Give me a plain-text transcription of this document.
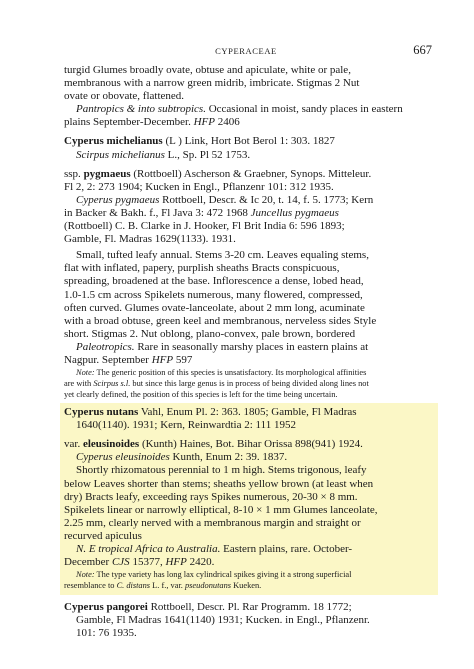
CYPERACEAE	667
turgid Glumes broadly ovate, obtuse and apiculate, white or pale,
membranous with a narrow green midrib, imbricate. Stigmas 2 Nut
ovate or obovate, flattened.
Pantropics & into subtropics. Occasional in moist, sandy places in eastern
plains September-December. HFP 2406
Cyperus michelianus (L ) Link, Hort Bot Berol 1: 303. 1827
Scirpus michelianus L., Sp. Pl 52 1753.
ssp. pygmaeus (Rottboell) Ascherson & Graebner, Synops. Mitteleur.
Fl 2, 2: 273 1904; Kucken in Engl., Pflanzenr 101: 312 1935.
Cyperus pygmaeus Rottboell, Descr. & Ic 20, t. 14, f. 5. 1773; Kern
in Backer & Bakh. f., Fl Java 3: 472 1968 Juncellus pygmaeus
(Rottboell) C. B. Clarke in J. Hooker, Fl Brit India 6: 596 1893;
Gamble, Fl. Madras 1629(1133). 1931.
Small, tufted leafy annual. Stems 3-20 cm. Leaves equaling stems,
flat with inflated, papery, purplish sheaths Bracts conspicuous,
spreading, broadened at the base. Inflorescence a dense, lobed head,
1.0-1.5 cm across Spikelets numerous, many flowered, compressed,
often curved. Glumes ovate-lanceolate, about 2 mm long, acuminate
with a broad obtuse, green keel and membranous, nerveless sides Style
short. Stigmas 2. Nut oblong, plano-convex, pale brown, bordered
Paleotropics. Rare in seasonally marshy places in eastern plains at
Nagpur. September HFP 597
Note: The generic position of this species is unsatisfactory. Its morphological affinities
are with Scirpus s.l. but since this large genus is in process of being divided along lines not
yet clearly defined, the position of this species is left for the time being uncertain.
Cyperus nutans Vahl, Enum Pl. 2: 363. 1805; Gamble, Fl Madras
1640(1140). 1931; Kern, Reinwardtia 2: 111 1952
var. eleusinoides (Kunth) Haines, Bot. Bihar Orissa 898(941) 1924.
Cyperus eleusinoides Kunth, Enum 2: 39. 1837.
Shortly rhizomatous perennial to 1 m high. Stems trigonous, leafy
below Leaves shorter than stems; sheaths yellow brown (at least when
dry) Bracts leafy, exceeding rays Spikes numerous, 20-30 × 8 mm.
Spikelets linear or narrowly elliptical, 8-10 × 1 mm Glumes lanceolate,
2.25 mm, clearly nerved with a membranous margin and straight or
recurved apiculus
N. E tropical Africa to Australia. Eastern plains, rare. October-
December CJS 15377, HFP 2420.
Note: The type variety has long lax cylindrical spikes giving it a strong superficial
resemblance to C. distans L. f., var. pseudonutans Kueken.
Cyperus pangorei Rottboell, Descr. Pl. Rar Programm. 18 1772;
Gamble, Fl Madras 1641(1140) 1931; Kucken. in Engl., Pflanzenr.
101: 76 1935.
